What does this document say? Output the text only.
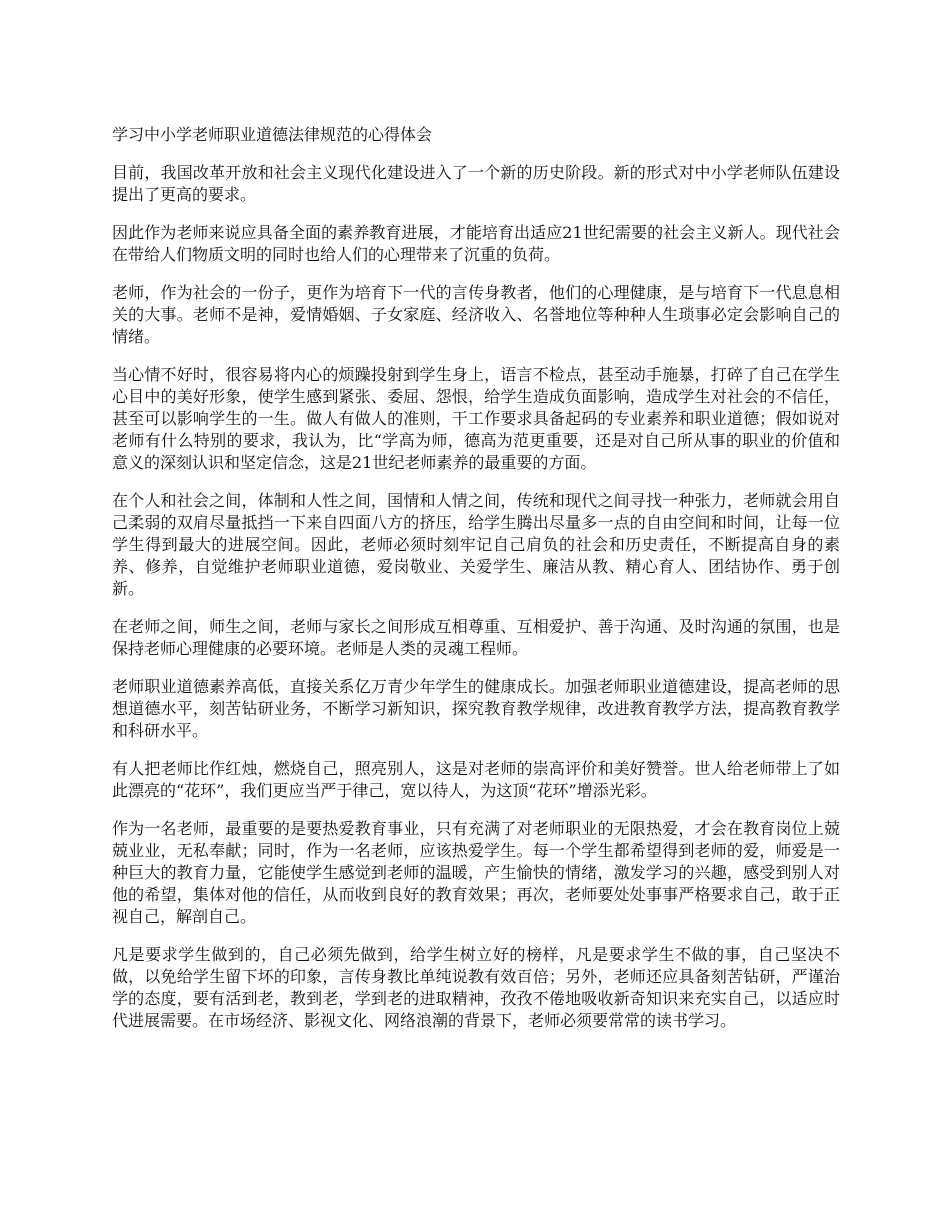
学习中小学老师职业道德法律规范的心得体会

目前，我国改革开放和社会主义现代化建设进入了一个新的历史阶段。新的形式对中小学老师队伍建设提出了更高的要求。

因此作为老师来说应具备全面的素养教育进展，才能培育出适应21世纪需要的社会主义新人。现代社会在带给人们物质文明的同时也给人们的心理带来了沉重的负荷。

老师，作为社会的一份子，更作为培育下一代的言传身教者，他们的心理健康，是与培育下一代息息相关的大事。老师不是神，爱情婚姻、子女家庭、经济收入、名誉地位等种种人生琐事必定会影响自己的情绪。

当心情不好时，很容易将内心的烦躁投射到学生身上，语言不检点，甚至动手施暴，打碎了自己在学生心目中的美好形象，使学生感到紧张、委屈、怨恨，给学生造成负面影响，造成学生对社会的不信任，甚至可以影响学生的一生。做人有做人的准则，干工作要求具备起码的专业素养和职业道德；假如说对老师有什么特别的要求，我认为，比“学高为师，德高为范更重要，还是对自己所从事的职业的价值和意义的深刻认识和坚定信念，这是21世纪老师素养的最重要的方面。

在个人和社会之间，体制和人性之间，国情和人情之间，传统和现代之间寻找一种张力，老师就会用自己柔弱的双肩尽量抵挡一下来自四面八方的挤压，给学生腾出尽量多一点的自由空间和时间，让每一位学生得到最大的进展空间。因此，老师必须时刻牢记自己肩负的社会和历史责任，不断提高自身的素养、修养，自觉维护老师职业道德，爱岗敬业、关爱学生、廉洁从教、精心育人、团结协作、勇于创新。

在老师之间，师生之间，老师与家长之间形成互相尊重、互相爱护、善于沟通、及时沟通的氛围，也是保持老师心理健康的必要环境。老师是人类的灵魂工程师。

老师职业道德素养高低，直接关系亿万青少年学生的健康成长。加强老师职业道德建设，提高老师的思想道德水平，刻苦钻研业务，不断学习新知识，探究教育教学规律，改进教育教学方法，提高教育教学和科研水平。

有人把老师比作红烛，燃烧自己，照亮别人，这是对老师的崇高评价和美好赞誉。世人给老师带上了如此漂亮的“花环”，我们更应当严于律己，宽以待人，为这顶“花环”增添光彩。

作为一名老师，最重要的是要热爱教育事业，只有充满了对老师职业的无限热爱，才会在教育岗位上兢兢业业，无私奉献；同时，作为一名老师，应该热爱学生。每一个学生都希望得到老师的爱，师爱是一种巨大的教育力量，它能使学生感觉到老师的温暖，产生愉快的情绪，激发学习的兴趣，感受到别人对他的希望，集体对他的信任，从而收到良好的教育效果；再次，老师要处处事事严格要求自己，敢于正视自己，解剖自己。

凡是要求学生做到的，自己必须先做到，给学生树立好的榜样，凡是要求学生不做的事，自己坚决不做，以免给学生留下坏的印象，言传身教比单纯说教有效百倍；另外，老师还应具备刻苦钻研，严谨治学的态度，要有活到老，教到老，学到老的进取精神，孜孜不倦地吸收新奇知识来充实自己，以适应时代进展需要。在市场经济、影视文化、网络浪潮的背景下，老师必须要常常的读书学习。
